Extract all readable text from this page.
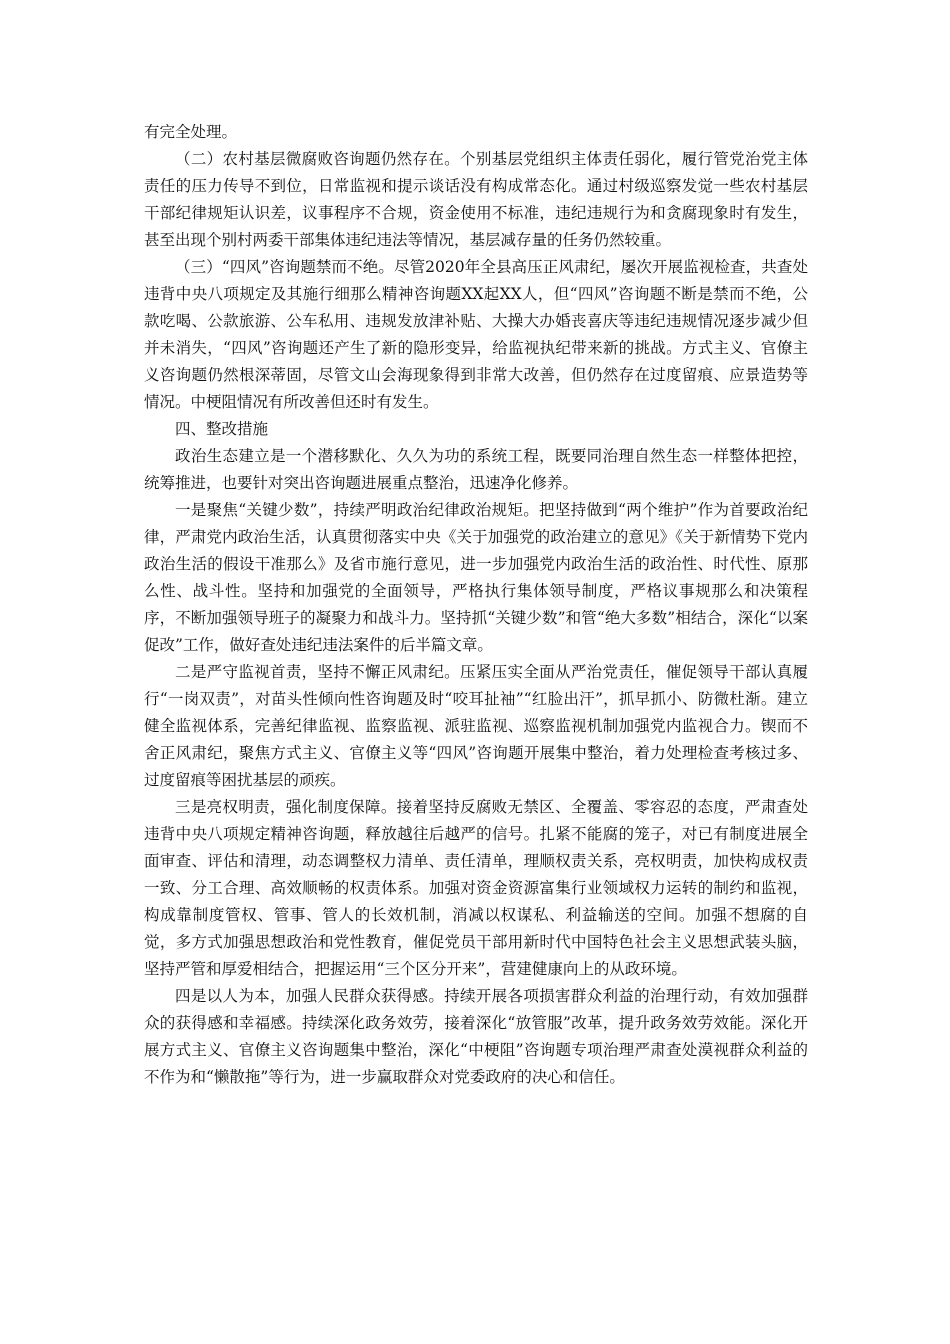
有完全处理。

（二）农村基层微腐败咨询题仍然存在。个别基层党组织主体责任弱化，履行管党治党主体责任的压力传导不到位，日常监视和提示谈话没有构成常态化。通过村级巡察发觉一些农村基层干部纪律规矩认识差，议事程序不合规，资金使用不标准，违纪违规行为和贪腐现象时有发生，甚至出现个别村两委干部集体违纪违法等情况，基层减存量的任务仍然较重。

（三）“四风”咨询题禁而不绝。尽管2020年全县高压正风肃纪，屡次开展监视检查，共查处违背中央八项规定及其施行细那么精神咨询题XX起XX人，但“四风”咨询题不断是禁而不绝，公款吃喝、公款旅游、公车私用、违规发放津补贴、大操大办婚丧喜庆等违纪违规情况逐步减少但并未消失，“四风”咨询题还产生了新的隐形变异，给监视执纪带来新的挑战。方式主义、官僚主义咨询题仍然根深蒂固，尽管文山会海现象得到非常大改善，但仍然存在过度留痕、应景造势等情况。中梗阻情况有所改善但还时有发生。

四、整改措施

政治生态建立是一个潜移默化、久久为功的系统工程，既要同治理自然生态一样整体把控，统筹推进，也要针对突出咨询题进展重点整治，迅速净化修养。

一是聚焦“关键少数”，持续严明政治纪律政治规矩。把坚持做到“两个维护”作为首要政治纪律，严肃党内政治生活，认真贯彻落实中央《关于加强党的政治建立的意见》《关于新情势下党内政治生活的假设干准那么》及省市施行意见，进一步加强党内政治生活的政治性、时代性、原那么性、战斗性。坚持和加强党的全面领导，严格执行集体领导制度，严格议事规那么和决策程序，不断加强领导班子的凝聚力和战斗力。坚持抓“关键少数”和管“绝大多数”相结合，深化“以案促改”工作，做好查处违纪违法案件的后半篇文章。

二是严守监视首责，坚持不懈正风肃纪。压紧压实全面从严治党责任，催促领导干部认真履行“一岗双责”，对苗头性倾向性咨询题及时“咬耳扯袖”“红脸出汗”，抓早抓小、防微杜渐。建立健全监视体系，完善纪律监视、监察监视、派驻监视、巡察监视机制加强党内监视合力。锲而不舍正风肃纪，聚焦方式主义、官僚主义等“四风”咨询题开展集中整治，着力处理检查考核过多、过度留痕等困扰基层的顽疾。

三是亮权明责，强化制度保障。接着坚持反腐败无禁区、全覆盖、零容忍的态度，严肃查处违背中央八项规定精神咨询题，释放越往后越严的信号。扎紧不能腐的笼子，对已有制度进展全面审查、评估和清理，动态调整权力清单、责任清单，理顺权责关系，亮权明责，加快构成权责一致、分工合理、高效顺畅的权责体系。加强对资金资源富集行业领域权力运转的制约和监视，构成靠制度管权、管事、管人的长效机制，消减以权谋私、利益输送的空间。加强不想腐的自觉，多方式加强思想政治和党性教育，催促党员干部用新时代中国特色社会主义思想武装头脑，坚持严管和厚爱相结合，把握运用“三个区分开来”，营建健康向上的从政环境。

四是以人为本，加强人民群众获得感。持续开展各项损害群众利益的治理行动，有效加强群众的获得感和幸福感。持续深化政务效劳，接着深化“放管服”改革，提升政务效劳效能。深化开展方式主义、官僚主义咨询题集中整治，深化“中梗阻”咨询题专项治理严肃查处漠视群众利益的不作为和“懒散拖”等行为，进一步赢取群众对党委政府的决心和信任。
